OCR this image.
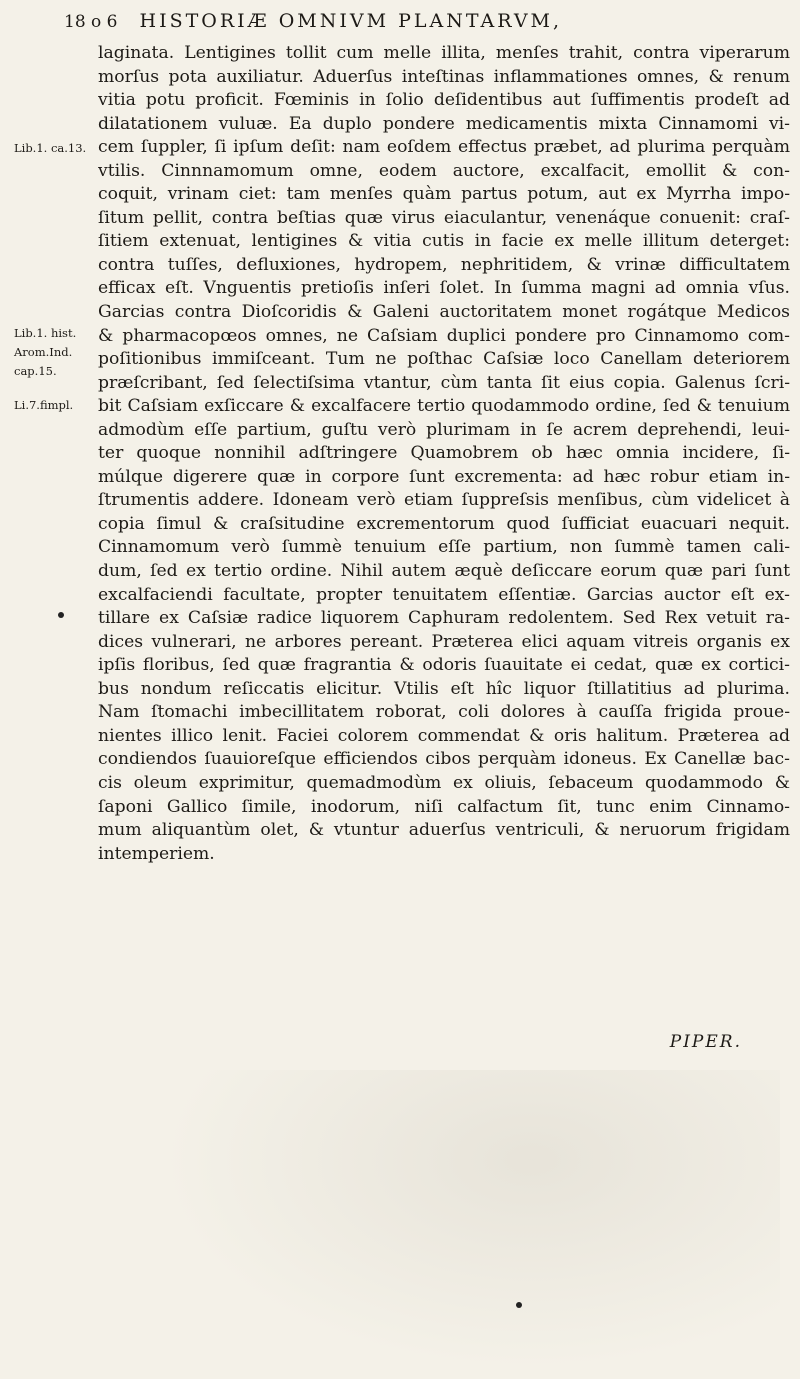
18 o 6 HISTORIÆ OMNIVM PLANTARVM,
Lib.1. ca.13.
Lib.1. hist.
Arom.Ind.
cap.15.
Li.7.fimpl.
laginata. Lentigines tollit cum melle illita, menſes trahit, contra viperarum
morſus pota auxiliatur. Aduerſus inteſtinas inflammationes omnes, & renum
vitia potu proficit. Fœminis in ſolio deſidentibus aut ſuffimentis prodeſt ad
dilatationem vuluæ. Ea duplo pondere medicamentis mixta Cinnamomi vi-
cem ſuppler, ſi ipſum deſit: nam eoſdem effectus præbet, ad plurima perquàm
vtilis. Cinnnamomum omne, eodem auctore, excalfacit, emollit & con-
coquit, vrinam ciet: tam menſes quàm partus potum, aut ex Myrrha impo-
ſitum pellit, contra beſtias quæ virus eiaculantur, venenáque conuenit: craſ-
ſitiem extenuat, lentigines & vitia cutis in facie ex melle illitum deterget:
contra tuſſes, defluxiones, hydropem, nephritidem, & vrinæ difficultatem
efficax eſt. Vnguentis pretioſis inſeri ſolet. In ſumma magni ad omnia vſus.
Garcias contra Dioſcoridis & Galeni auctoritatem monet rogátque Medicos
& pharmacopœos omnes, ne Caſsiam duplici pondere pro Cinnamomo com-
poſitionibus immiſceant. Tum ne poſthac Caſsiæ loco Canellam deteriorem
præſcribant, ſed ſelectiſsima vtantur, cùm tanta ſit eius copia. Galenus ſcri-
bit Caſsiam exſiccare & excalfacere tertio quodammodo ordine, ſed & tenuium
admodùm eſſe partium, guſtu verò plurimam in ſe acrem deprehendi, leui-
ter quoque nonnihil adſtringere Quamobrem ob hæc omnia incidere, ſi-
múlque digerere quæ in corpore ſunt excrementa: ad hæc robur etiam in-
ſtrumentis addere. Idoneam verò etiam ſuppreſsis menſibus, cùm videlicet à
copia ſimul & craſsitudine excrementorum quod ſufficiat euacuari nequit.
Cinnamomum verò ſummè tenuium eſſe partium, non ſummè tamen cali-
dum, ſed ex tertio ordine. Nihil autem æquè deſiccare eorum quæ pari ſunt
excalfaciendi facultate, propter tenuitatem eſſentiæ. Garcias auctor eſt ex-
tillare ex Caſsiæ radice liquorem Caphuram redolentem. Sed Rex vetuit ra-
dices vulnerari, ne arbores pereant. Præterea elici aquam vitreis organis ex
ipſis floribus, ſed quæ fragrantia & odoris ſuauitate ei cedat, quæ ex cortici-
bus nondum reſiccatis elicitur. Vtilis eſt hîc liquor ſtillatitius ad plurima.
Nam ſtomachi imbecillitatem roborat, coli dolores à cauſſa frigida proue-
nientes illico lenit. Faciei colorem commendat & oris halitum. Præterea ad
condiendos ſuauioreſque efficiendos cibos perquàm idoneus. Ex Canellæ bac-
cis oleum exprimitur, quemadmodùm ex oliuis, ſebaceum quodammodo &
ſaponi Gallico ſimile, inodorum, niſi calfactum ſit, tunc enim Cinnamo-
mum aliquantùm olet, & vtuntur aduerſus ventriculi, & neruorum frigidam
intemperiem.
PIPER.
